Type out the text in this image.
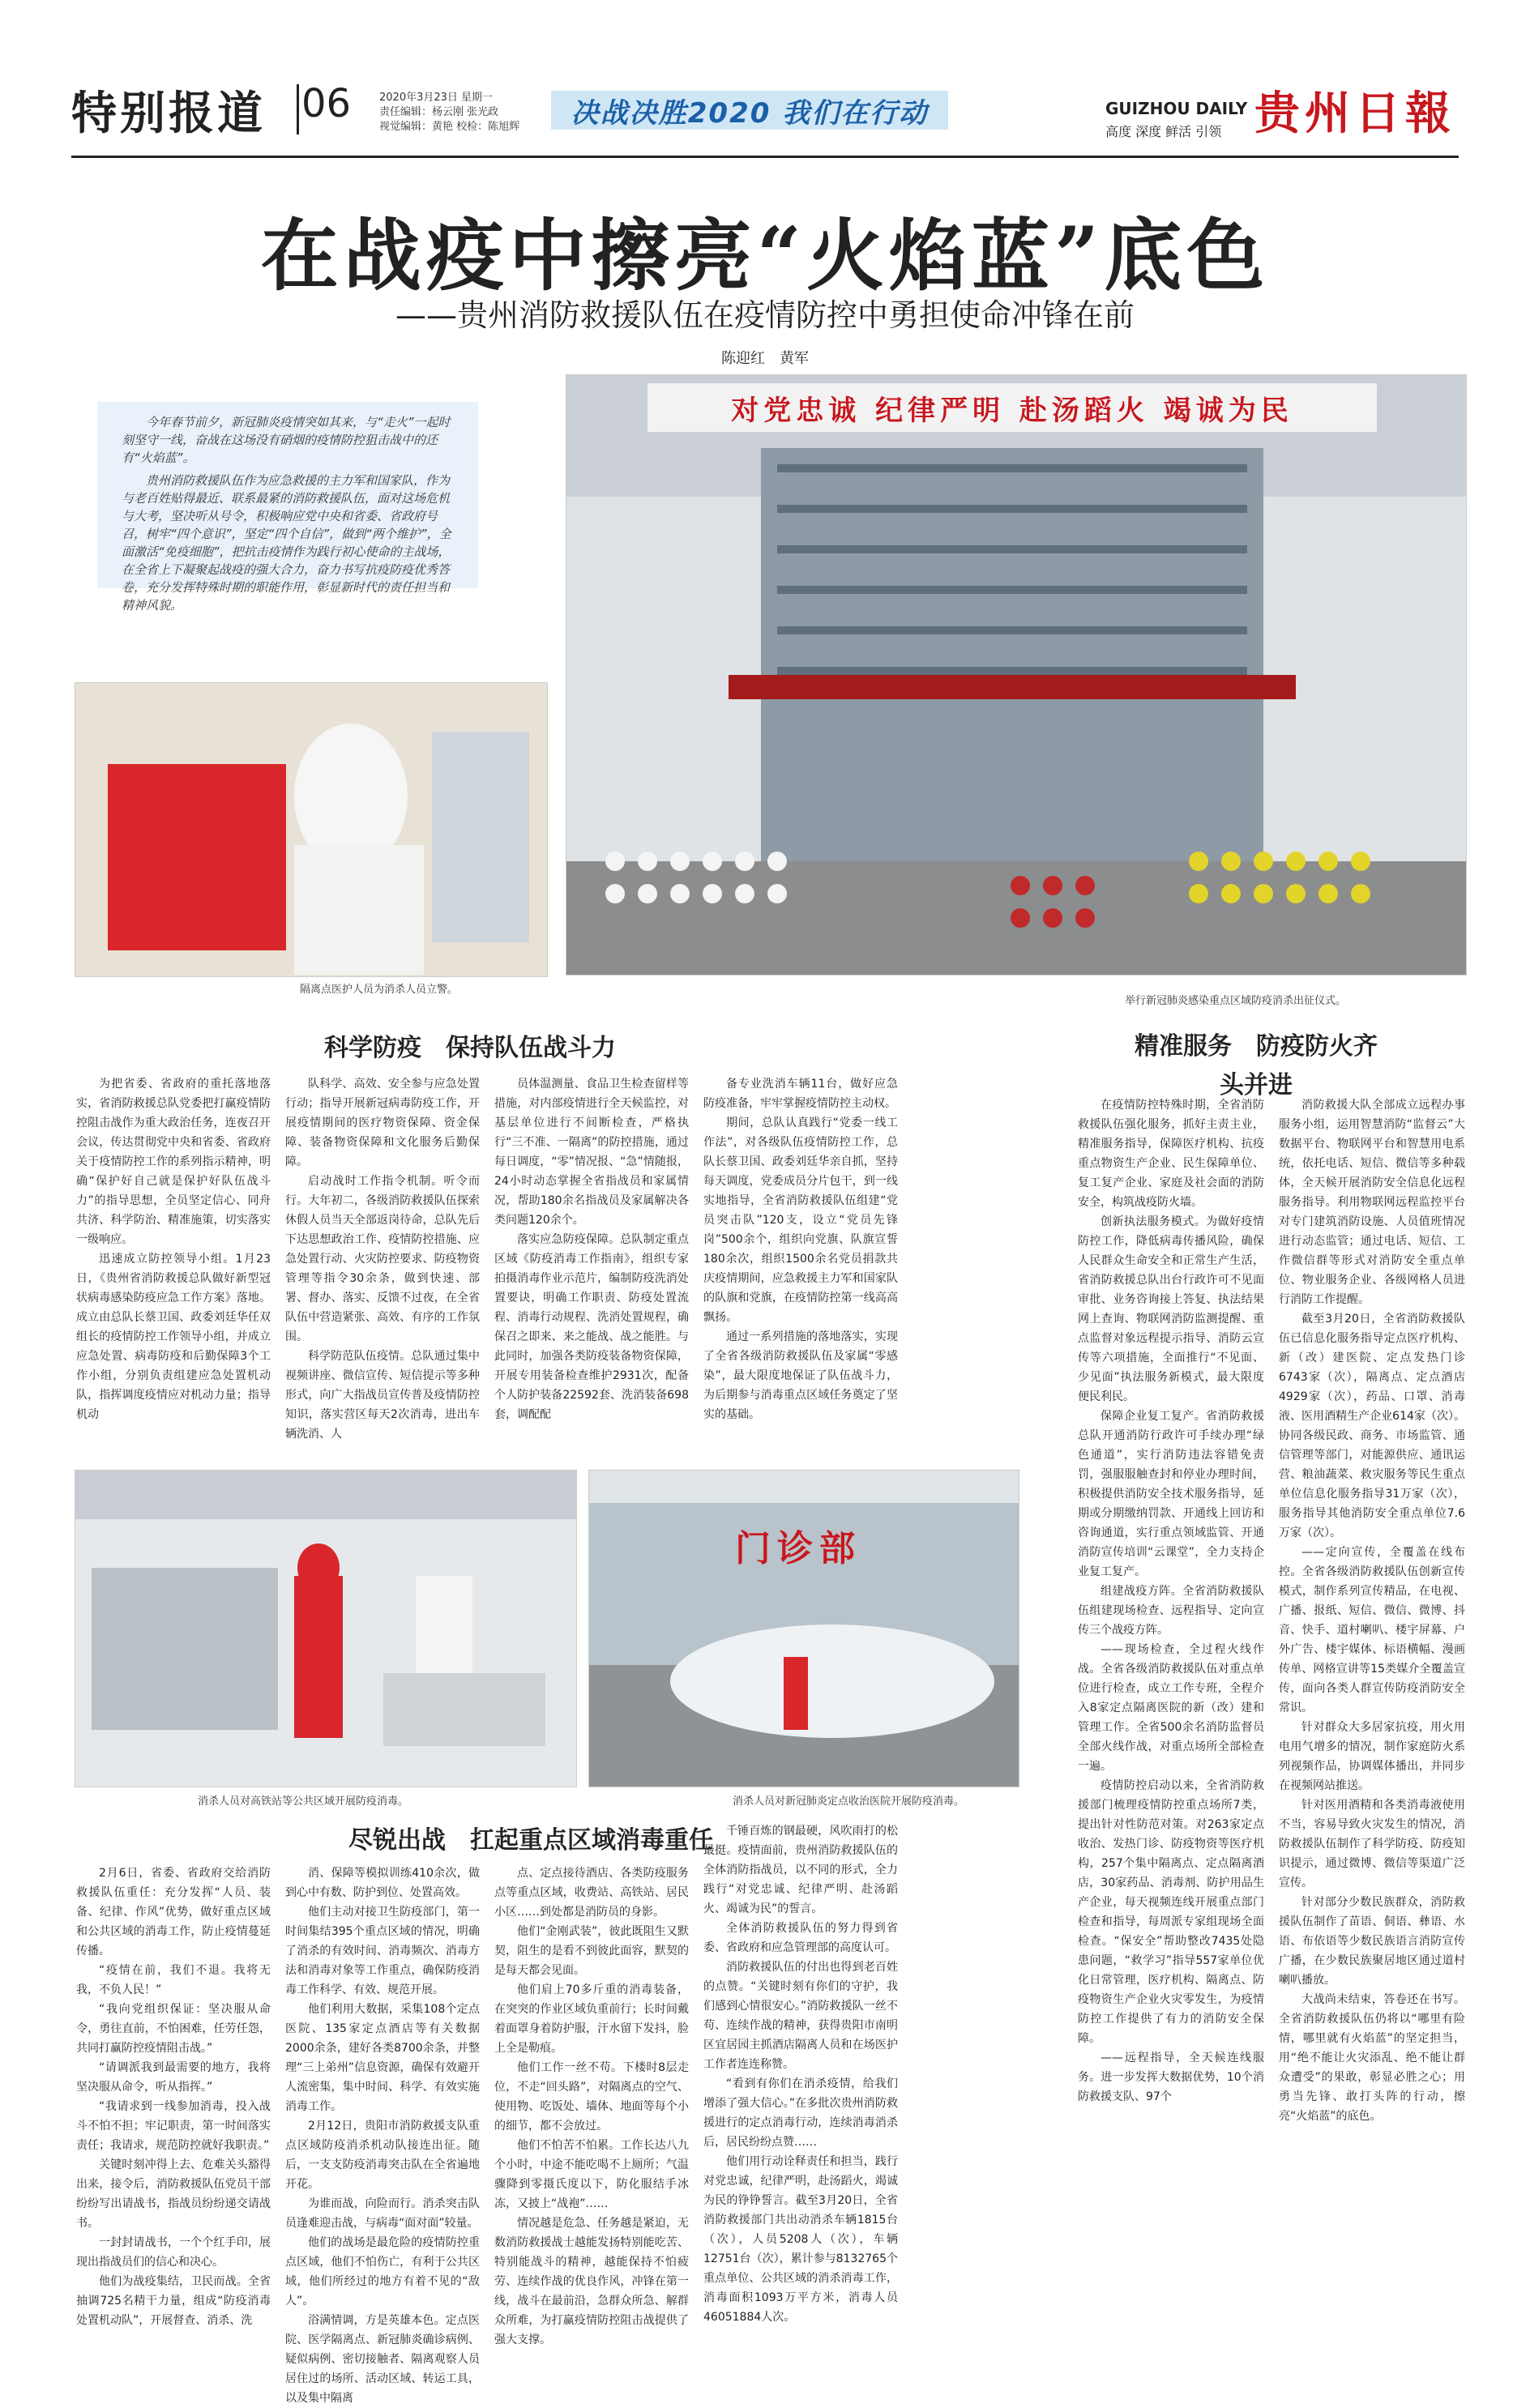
特别报道 06	2020年3月23日 星期一
责任编辑：杨云刚 张光政
视觉编辑：黄艳 校检：陈旭辉	决战决胜2020 我们在行动	GUIZHOU DAILY
高度 深度 鲜活 引领 贵州日報
在战疫中擦亮“火焰蓝”底色
——贵州消防救援队伍在疫情防控中勇担使命冲锋在前
陈迎红　黄军

今年春节前夕，新冠肺炎疫情突如其来，与“走火”一起时刻坚守一线，奋战在这场没有硝烟的疫情防控狙击战中的还有“火焰蓝”。

贵州消防救援队伍作为应急救援的主力军和国家队，作为与老百姓贴得最近、联系最紧的消防救援队伍，面对这场危机与大考，坚决听从号令，积极响应党中央和省委、省政府号召，树牢“四个意识”，坚定“四个自信”，做到“两个维护”，全面激活“免疫细胞”，把抗击疫情作为践行初心使命的主战场，在全省上下凝聚起战疫的强大合力，奋力书写抗疫防疫优秀答卷，充分发挥特殊时期的职能作用，彰显新时代的责任担当和精神风貌。

对党忠诚 纪律严明 赴汤蹈火 竭诚为民
隔离点医护人员为消杀人员立警。
举行新冠肺炎感染重点区域防疫消杀出征仪式。
科学防疫　保持队伍战斗力	精准服务　防疫防火齐头并进

为把省委、省政府的重托落地落实，省消防救援总队党委把打赢疫情防控阻击战作为重大政治任务，连夜召开会议，传达贯彻党中央和省委、省政府关于疫情防控工作的系列指示精神，明确“保护好自己就是保护好队伍战斗力”的指导思想，全员坚定信心、同舟共济、科学防治、精准施策，切实落实一级响应。

迅速成立防控领导小组。1月23日，《贵州省消防救援总队做好新型冠状病毒感染防疫应急工作方案》落地。成立由总队长蔡卫国、政委刘廷华任双组长的疫情防控工作领导小组，并成立应急处置、病毒防疫和后勤保障3个工作小组，分别负责组建应急处置机动队，指挥调度疫情应对机动力量；指导机动

队科学、高效、安全参与应急处置行动；指导开展新冠病毒防疫工作，开展疫情期间的医疗物资保障、资金保障、装备物资保障和文化服务后勤保障。

启动战时工作指令机制。听令而行。大年初二，各级消防救援队伍探索休假人员当天全部返岗待命，总队先后下达思想政治工作、疫情防控措施、应急处置行动、火灾防控要求、防疫物资管理等指令30余条，做到快速、部署、督办、落实、反馈不过夜，在全省队伍中营造紧张、高效、有序的工作氛围。

科学防范队伍疫情。总队通过集中视频讲座、微信宣传、短信提示等多种形式，向广大指战员宣传普及疫情防控知识，落实营区每天2次消毒，进出车辆洗消、人

员体温测量、食品卫生检查留样等措施，对内部疫情进行全天候监控，对基层单位进行不间断检查，严格执行“三不准、一隔离”的防控措施，通过每日调度，“零”情况报、“急”情随报，24小时动态掌握全省指战员和家属情况，帮助180余名指战员及家属解决各类问题120余个。

落实应急防疫保障。总队制定重点区域《防疫消毒工作指南》，组织专家拍摄消毒作业示范片，编制防疫洗消处置要诀，明确工作职责、防疫处置流程、消毒行动规程、洗消处置规程，确保召之即来、来之能战、战之能胜。与此同时，加强各类防疫装备物资保障，开展专用装备检查维护2931次，配备个人防护装备22592套、洗消装备698套，调配配

备专业洗消车辆11台，做好应急防疫准备，牢牢掌握疫情防控主动权。

期间，总队认真践行“党委一线工作法”，对各级队伍疫情防控工作，总队长蔡卫国、政委刘廷华亲自抓，坚持每天调度，党委成员分片包干，到一线实地指导，全省消防救援队伍组建“党员突击队”120支，设立“党员先锋岗”500余个，组织向党旗、队旗宣誓180余次，组织1500余名党员捐款共庆疫情期间，应急救援主力军和国家队的队旗和党旗，在疫情防控第一线高高飘扬。

通过一系列措施的落地落实，实现了全省各级消防救援队伍及家属“零感染”，最大限度地保证了队伍战斗力，为后期参与消毒重点区域任务奠定了坚实的基础。

在疫情防控特殊时期，全省消防救援队伍强化服务，抓好主责主业，精准服务指导，保障医疗机构、抗疫重点物资生产企业、民生保障单位、复工复产企业、家庭及社会面的消防安全，构筑战疫防火墙。

创新执法服务模式。为做好疫情防控工作，降低病毒传播风险，确保人民群众生命安全和正常生产生活，省消防救援总队出台行政许可不见面审批、业务咨询接上答复、执法结果网上查询、物联网消防监测提醒、重点监督对象远程提示指导、消防云宣传等六项措施，全面推行“不见面、少见面”执法服务新模式，最大限度便民利民。

保障企业复工复产。省消防救援总队开通消防行政许可手续办理“绿色通道”，实行消防违法容错免责罚，强服服触查封和停业办理时间，积极提供消防安全技术服务指导，延期或分期缴纳罚款、开通线上回访和咨询通道，实行重点领域监管、开通消防宣传培训“云课堂”，全力支持企业复工复产。

组建战疫方阵。全省消防救援队伍组建现场检查、远程指导、定向宣传三个战疫方阵。

——现场检查，全过程火线作战。全省各级消防救援队伍对重点单位进行检查，成立工作专班，全程介入8家定点隔离医院的新（改）建和管理工作。全省500余名消防监督员全部火线作战，对重点场所全部检查一遍。

疫情防控启动以来，全省消防救援部门梳理疫情防控重点场所7类，提出针对性防范对策。对263家定点收治、发热门诊、防疫物资等医疗机构，257个集中隔离点、定点隔离酒店，30家药品、消毒剂、防护用品生产企业，每天视频连线开展重点部门检查和指导，每周派专家组现场全面检查。“保安全”帮助整改7435处隐患问题，“救学习”指导557家单位优化日常管理，医疗机构、隔离点、防疫物资生产企业火灾零发生，为疫情防控工作提供了有力的消防安全保障。

——远程指导，全天候连线服务。进一步发挥大数据优势，10个消防救援支队、97个

消防救援大队全部成立远程办事服务小组，运用智慧消防“监督云”大数据平台、物联网平台和智慧用电系统，依托电话、短信、微信等多种载体，全天候开展消防安全信息化远程服务指导。利用物联网远程监控平台对专门建筑消防设施、人员值班情况进行动态监管；通过电话、短信、工作微信群等形式对消防安全重点单位、物业服务企业、各级网格人员进行消防工作提醒。

截至3月20日，全省消防救援队伍已信息化服务指导定点医疗机构、新（改）建医院、定点发热门诊6743家（次），隔离点、定点酒店4929家（次），药品、口罩、消毒液、医用酒精生产企业614家（次）。协同各级民政、商务、市场监管、通信管理等部门，对能源供应、通讯运营、粮油蔬菜、救灾服务等民生重点单位信息化服务指导31万家（次），服务指导其他消防安全重点单位7.6万家（次）。

——定向宣传，全覆盖在线布控。全省各级消防救援队伍创新宣传模式，制作系列宣传精品，在电视、广播、报纸、短信、微信、微博、抖音、快手、道村喇叭、楼宇屏幕、户外广告、楼宇媒体、标语横幅、漫画传单、网格宣讲等15类媒介全覆盖宣传，面向各类人群宣传防疫消防安全常识。

针对群众大多居家抗疫，用火用电用气增多的情况，制作家庭防火系列视频作品，协调媒体播出，并同步在视频网站推送。

针对医用酒精和各类消毒液使用不当，容易导致火灾发生的情况，消防救援队伍制作了科学防疫、防疫知识提示，通过微博、微信等渠道广泛宣传。

针对部分少数民族群众，消防救援队伍制作了苗语、侗语、彝语、水语、布依语等少数民族语言消防宣传广播，在少数民族聚居地区通过道村喇叭播放。

大战尚未结束，答卷还在书写。全省消防救援队伍仍将以“哪里有险情，哪里就有火焰蓝”的坚定担当，用“绝不能让火灾添乱、绝不能让群众遭受”的果敢，彰显必胜之心；用勇当先锋、敢打头阵的行动，擦亮“火焰蓝”的底色。

门诊部
消杀人员对高铁站等公共区域开展防疫消毒。	消杀人员对新冠肺炎定点收治医院开展防疫消毒。
尽锐出战　扛起重点区域消毒重任

2月6日，省委、省政府交给消防救援队伍重任：充分发挥“人员、装备、纪律、作风”优势，做好重点区域和公共区域的消毒工作，防止疫情蔓延传播。

“疫情在前，我们不退。我将无我，不负人民！”

“我向党组织保证：坚决服从命令，勇往直前，不怕困难，任劳任怨，共同打赢防控疫情阻击战。”

“请调派我到最需要的地方，我将坚决服从命令，听从指挥。”

“我请求到一线参加消毒，投入战斗不怕不担；牢记职责，第一时间落实责任；我请求，规范防控就好我职责。”

关键时刻冲得上去、危难关头豁得出来，接令后，消防救援队伍党员干部纷纷写出请战书，指战员纷纷递交请战书。

一封封请战书，一个个红手印，展现出指战员们的信心和决心。

他们为战疫集结，卫民而战。全省抽调725名精干力量，组成“防疫消毒处置机动队”，开展督查、消杀、洗

消、保障等模拟训练410余次，做到心中有数、防护到位、处置高效。

他们主动对接卫生防疫部门，第一时间集结395个重点区域的情况，明确了消杀的有效时间、消毒频次、消毒方法和消毒对象等工作重点，确保防疫消毒工作科学、有效、规范开展。

他们利用大数据，采集108个定点医院、135家定点酒店等有关数据2000余条，建好各类8700余条，并整理“三上弟州”信息资源，确保有效避开人流密集，集中时间、科学、有效实施消毒工作。

2月12日，贵阳市消防救援支队重点区域防疫消杀机动队接连出征。随后，一支支防疫消毒突击队在全省遍地开花。

为谁而战，向险而行。消杀突击队员逢难迎击战，与病毒“面对面”较量。

他们的战场是最危险的疫情防控重点区域，他们不怕伤亡，有利于公共区域，他们所经过的地方有着不见的“敌人”。

浴满情调，方是英雄本色。定点医院、医学隔离点、新冠肺炎确诊病例、疑似病例、密切接触者、隔离观察人员居住过的场所、活动区域、转运工具，以及集中隔离

点、定点接待酒店、各类防疫服务点等重点区域，收费站、高铁站、居民小区……到处都是消防员的身影。

他们“金刚武装”，彼此既阻生又默契，阻生的是看不到彼此面容，默契的是每天都会见面。

他们肩上70多斤重的消毒装备，在突突的作业区域负重前行；长时间戴着面罩身着防护服，汗水留下发抖，脸上全是勒痕。

他们工作一丝不苟。下楼时8层走位，不走“回头路”，对隔离点的空气、使用物、吃饭处、墙体、地面等每个小的细节，都不会放过。

他们不怕苦不怕累。工作长达八九个小时，中途不能吃喝不上厕所；气温骤降到零摄氏度以下，防化服结手冰冻，又披上“战袍”……

情况越是危急、任务越是紧迫，无数消防救援战士越能发扬特别能吃苦、特别能战斗的精神，越能保持不怕疲劳、连续作战的优良作风，冲锋在第一线，战斗在最前沿，急群众所急、解群众所难，为打赢疫情防控阻击战提供了强大支撑。

千锤百炼的钢最硬，风吹雨打的松最挺。疫情面前，贵州消防救援队伍的全体消防指战员，以不同的形式，全力践行“对党忠诚、纪律严明、赴汤蹈火、竭诚为民”的誓言。

全体消防救援队伍的努力得到省委、省政府和应急管理部的高度认可。

消防救援队伍的付出也得到老百姓的点赞。“关键时刻有你们的守护，我们感到心情很安心。”消防救援队一丝不苟、连续作战的精神，获得贵阳市南明区宜居园主抓酒店隔离人员和在场医护工作者连连称赞。

“看到有你们在消杀疫情，给我们增添了强大信心。”在多批次贵州消防救援进行的定点消毒行动，连续消毒消杀后，居民纷纷点赞……

他们用行动诠释责任和担当，践行对党忠诚，纪律严明，赴汤蹈火，竭诚为民的铮铮誓言。截至3月20日，全省消防救援部门共出动消杀车辆1815台（次），人员5208人（次），车辆12751台（次），累计参与8132765个重点单位、公共区域的消杀消毒工作，消毒面积1093万平方米，消毒人员46051884人次。
